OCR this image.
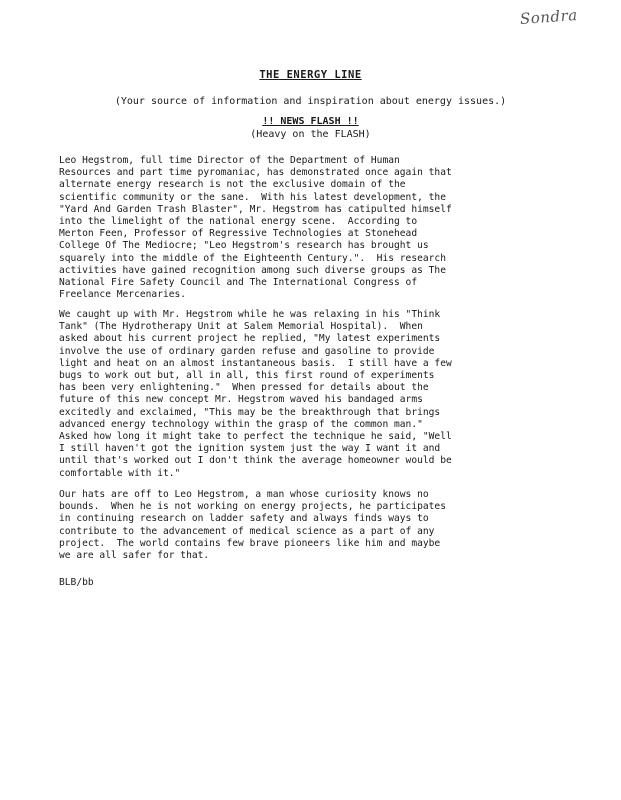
Sondra
THE ENERGY LINE
(Your source of information and inspiration about energy issues.)
!! NEWS FLASH !!
(Heavy on the FLASH)
Leo Hegstrom, full time Director of the Department of Human
Resources and part time pyromaniac, has demonstrated once again that
alternate energy research is not the exclusive domain of the
scientific community or the sane.  With his latest development, the
"Yard And Garden Trash Blaster", Mr. Hegstrom has catipulted himself
into the limelight of the national energy scene.  According to
Merton Feen, Professor of Regressive Technologies at Stonehead
College Of The Mediocre; "Leo Hegstrom's research has brought us
squarely into the middle of the Eighteenth Century.".  His research
activities have gained recognition among such diverse groups as The
National Fire Safety Council and The International Congress of
Freelance Mercenaries.
We caught up with Mr. Hegstrom while he was relaxing in his "Think
Tank" (The Hydrotherapy Unit at Salem Memorial Hospital).  When
asked about his current project he replied, "My latest experiments
involve the use of ordinary garden refuse and gasoline to provide
light and heat on an almost instantaneous basis.  I still have a few
bugs to work out but, all in all, this first round of experiments
has been very enlightening."  When pressed for details about the
future of this new concept Mr. Hegstrom waved his bandaged arms
excitedly and exclaimed, "This may be the breakthrough that brings
advanced energy technology within the grasp of the common man."
Asked how long it might take to perfect the technique he said, "Well
I still haven't got the ignition system just the way I want it and
until that's worked out I don't think the average homeowner would be
comfortable with it."
Our hats are off to Leo Hegstrom, a man whose curiosity knows no
bounds.  When he is not working on energy projects, he participates
in continuing research on ladder safety and always finds ways to
contribute to the advancement of medical science as a part of any
project.  The world contains few brave pioneers like him and maybe
we are all safer for that.
BLB/bb
